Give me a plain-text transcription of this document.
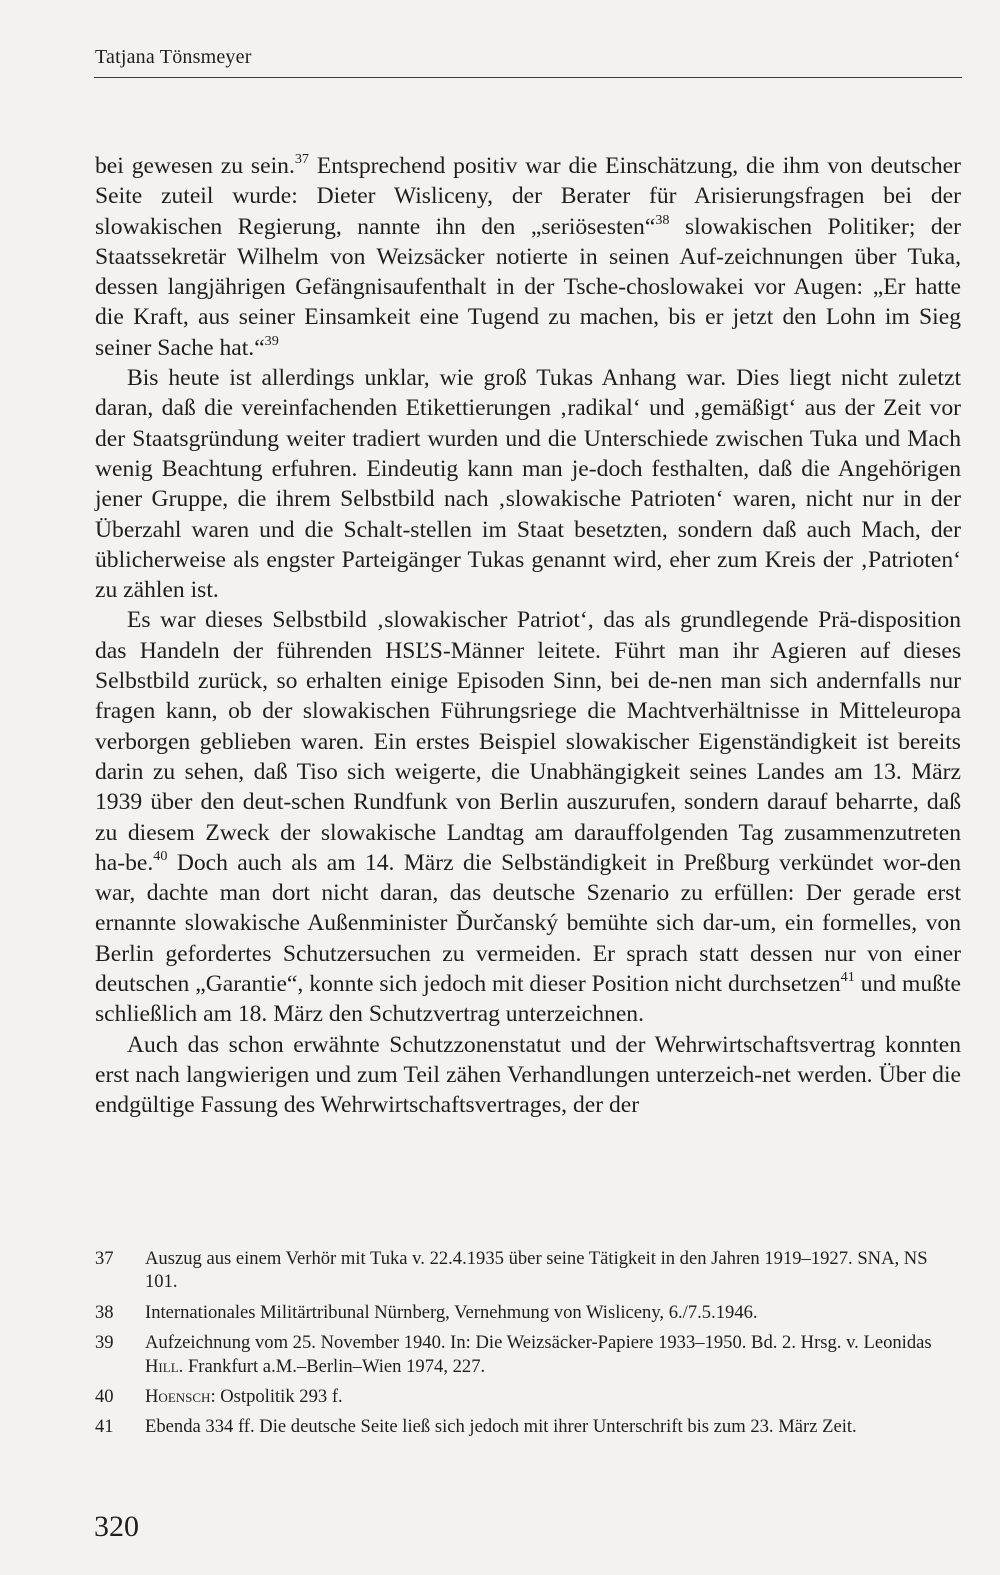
Tatjana Tönsmeyer

bei gewesen zu sein.$^{37}$ Entsprechend positiv war die Einschätzung, die ihm von deutscher Seite zuteil wurde: Dieter Wisliceny, der Berater für Arisierungsfragen bei der slowakischen Regierung, nannte ihn den „seriösesten“$^{38}$ slowakischen Politiker; der Staatssekretär Wilhelm von Weizsäcker notierte in seinen Auf-zeichnungen über Tuka, dessen langjährigen Gefängnisaufenthalt in der Tsche-choslowakei vor Augen: „Er hatte die Kraft, aus seiner Einsamkeit eine Tugend zu machen, bis er jetzt den Lohn im Sieg seiner Sache hat.“$^{39}$

Bis heute ist allerdings unklar, wie groß Tukas Anhang war. Dies liegt nicht zuletzt daran, daß die vereinfachenden Etikettierungen ‚radikal‘ und ‚gemäßigt‘ aus der Zeit vor der Staatsgründung weiter tradiert wurden und die Unterschiede zwischen Tuka und Mach wenig Beachtung erfuhren. Eindeutig kann man je-doch festhalten, daß die Angehörigen jener Gruppe, die ihrem Selbstbild nach ‚slowakische Patrioten‘ waren, nicht nur in der Überzahl waren und die Schalt-stellen im Staat besetzten, sondern daß auch Mach, der üblicherweise als engster Parteigänger Tukas genannt wird, eher zum Kreis der ‚Patrioten‘ zu zählen ist.

Es war dieses Selbstbild ‚slowakischer Patriot‘, das als grundlegende Prä-disposition das Handeln der führenden HSĽS-Männer leitete. Führt man ihr Agieren auf dieses Selbstbild zurück, so erhalten einige Episoden Sinn, bei de-nen man sich andernfalls nur fragen kann, ob der slowakischen Führungsriege die Machtverhältnisse in Mitteleuropa verborgen geblieben waren. Ein erstes Beispiel slowakischer Eigenständigkeit ist bereits darin zu sehen, daß Tiso sich weigerte, die Unabhängigkeit seines Landes am 13. März 1939 über den deut-schen Rundfunk von Berlin auszurufen, sondern darauf beharrte, daß zu diesem Zweck der slowakische Landtag am darauffolgenden Tag zusammenzutreten ha-be.$^{40}$ Doch auch als am 14. März die Selbständigkeit in Preßburg verkündet wor-den war, dachte man dort nicht daran, das deutsche Szenario zu erfüllen: Der gerade erst ernannte slowakische Außenminister Ďurčanský bemühte sich dar-um, ein formelles, von Berlin gefordertes Schutzersuchen zu vermeiden. Er sprach statt dessen nur von einer deutschen „Garantie“, konnte sich jedoch mit dieser Position nicht durchsetzen$^{41}$ und mußte schließlich am 18. März den Schutzvertrag unterzeichnen.

Auch das schon erwähnte Schutzzonenstatut und der Wehrwirtschaftsvertrag konnten erst nach langwierigen und zum Teil zähen Verhandlungen unterzeich-net werden. Über die endgültige Fassung des Wehrwirtschaftsvertrages, der der

37	Auszug aus einem Verhör mit Tuka v. 22.4.1935 über seine Tätigkeit in den Jahren 1919–1927. SNA, NS 101.
38	Internationales Militärtribunal Nürnberg, Vernehmung von Wisliceny, 6./7.5.1946.
39	Aufzeichnung vom 25. November 1940. In: Die Weizsäcker-Papiere 1933–1950. Bd. 2. Hrsg. v. Leonidas Hill. Frankfurt a.M.–Berlin–Wien 1974, 227.
40	Hoensch: Ostpolitik 293 f.
41	Ebenda 334 ff. Die deutsche Seite ließ sich jedoch mit ihrer Unterschrift bis zum 23. März Zeit.
320
